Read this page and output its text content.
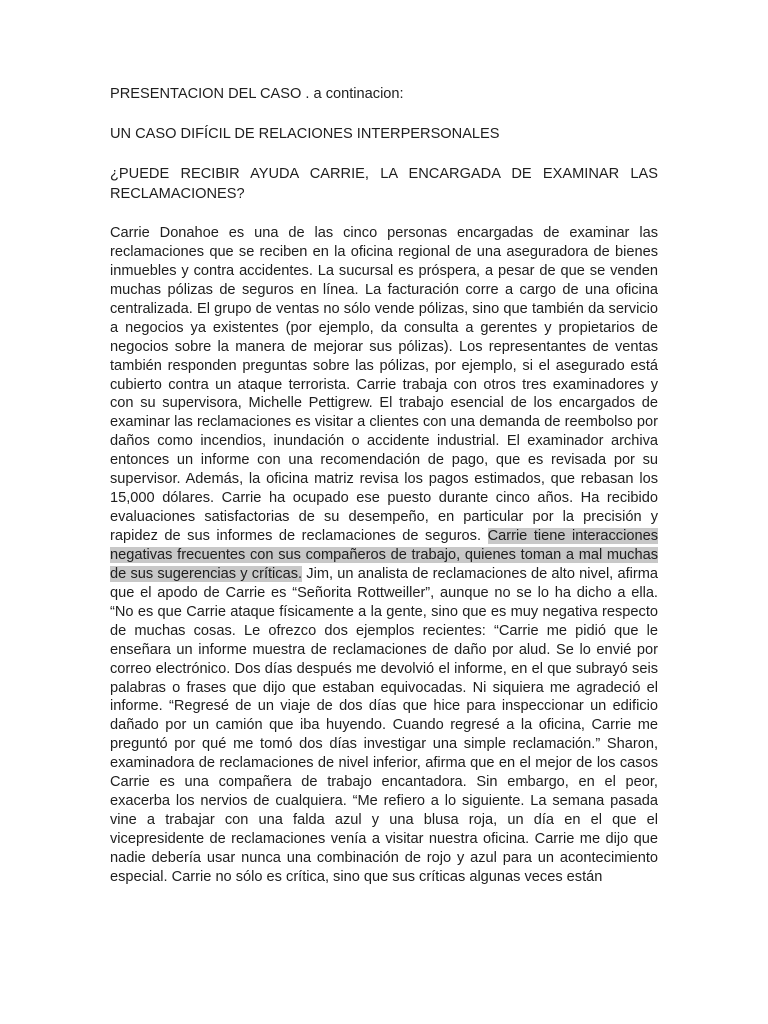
PRESENTACION DEL CASO . a continacion:

UN CASO DIFÍCIL DE RELACIONES INTERPERSONALES

¿PUEDE RECIBIR AYUDA CARRIE, LA ENCARGADA DE EXAMINAR LAS RECLAMACIONES?

Carrie Donahoe es una de las cinco personas encargadas de examinar las reclamaciones que se reciben en la oficina regional de una aseguradora de bienes inmuebles y contra accidentes. La sucursal es próspera, a pesar de que se venden muchas pólizas de seguros en línea. La facturación corre a cargo de una oficina centralizada. El grupo de ventas no sólo vende pólizas, sino que también da servicio a negocios ya existentes (por ejemplo, da consulta a gerentes y propietarios de negocios sobre la manera de mejorar sus pólizas). Los representantes de ventas también responden preguntas sobre las pólizas, por ejemplo, si el asegurado está cubierto contra un ataque terrorista. Carrie trabaja con otros tres examinadores y con su supervisora, Michelle Pettigrew. El trabajo esencial de los encargados de examinar las reclamaciones es visitar a clientes con una demanda de reembolso por daños como incendios, inundación o accidente industrial. El examinador archiva entonces un informe con una recomendación de pago, que es revisada por su supervisor. Además, la oficina matriz revisa los pagos estimados, que rebasan los 15,000 dólares. Carrie ha ocupado ese puesto durante cinco años. Ha recibido evaluaciones satisfactorias de su desempeño, en particular por la precisión y rapidez de sus informes de reclamaciones de seguros. Carrie tiene interacciones negativas frecuentes con sus compañeros de trabajo, quienes toman a mal muchas de sus sugerencias y críticas. Jim, un analista de reclamaciones de alto nivel, afirma que el apodo de Carrie es “Señorita Rottweiller”, aunque no se lo ha dicho a ella. “No es que Carrie ataque físicamente a la gente, sino que es muy negativa respecto de muchas cosas. Le ofrezco dos ejemplos recientes: “Carrie me pidió que le enseñara un informe muestra de reclamaciones de daño por alud. Se lo envié por correo electrónico. Dos días después me devolvió el informe, en el que subrayó seis palabras o frases que dijo que estaban equivocadas. Ni siquiera me agradeció el informe. “Regresé de un viaje de dos días que hice para inspeccionar un edificio dañado por un camión que iba huyendo. Cuando regresé a la oficina, Carrie me preguntó por qué me tomó dos días investigar una simple reclamación.” Sharon, examinadora de reclamaciones de nivel inferior, afirma que en el mejor de los casos Carrie es una compañera de trabajo encantadora. Sin embargo, en el peor, exacerba los nervios de cualquiera. “Me refiero a lo siguiente. La semana pasada vine a trabajar con una falda azul y una blusa roja, un día en el que el vicepresidente de reclamaciones venía a visitar nuestra oficina. Carrie me dijo que nadie debería usar nunca una combinación de rojo y azul para un acontecimiento especial. Carrie no sólo es crítica, sino que sus críticas algunas veces están
